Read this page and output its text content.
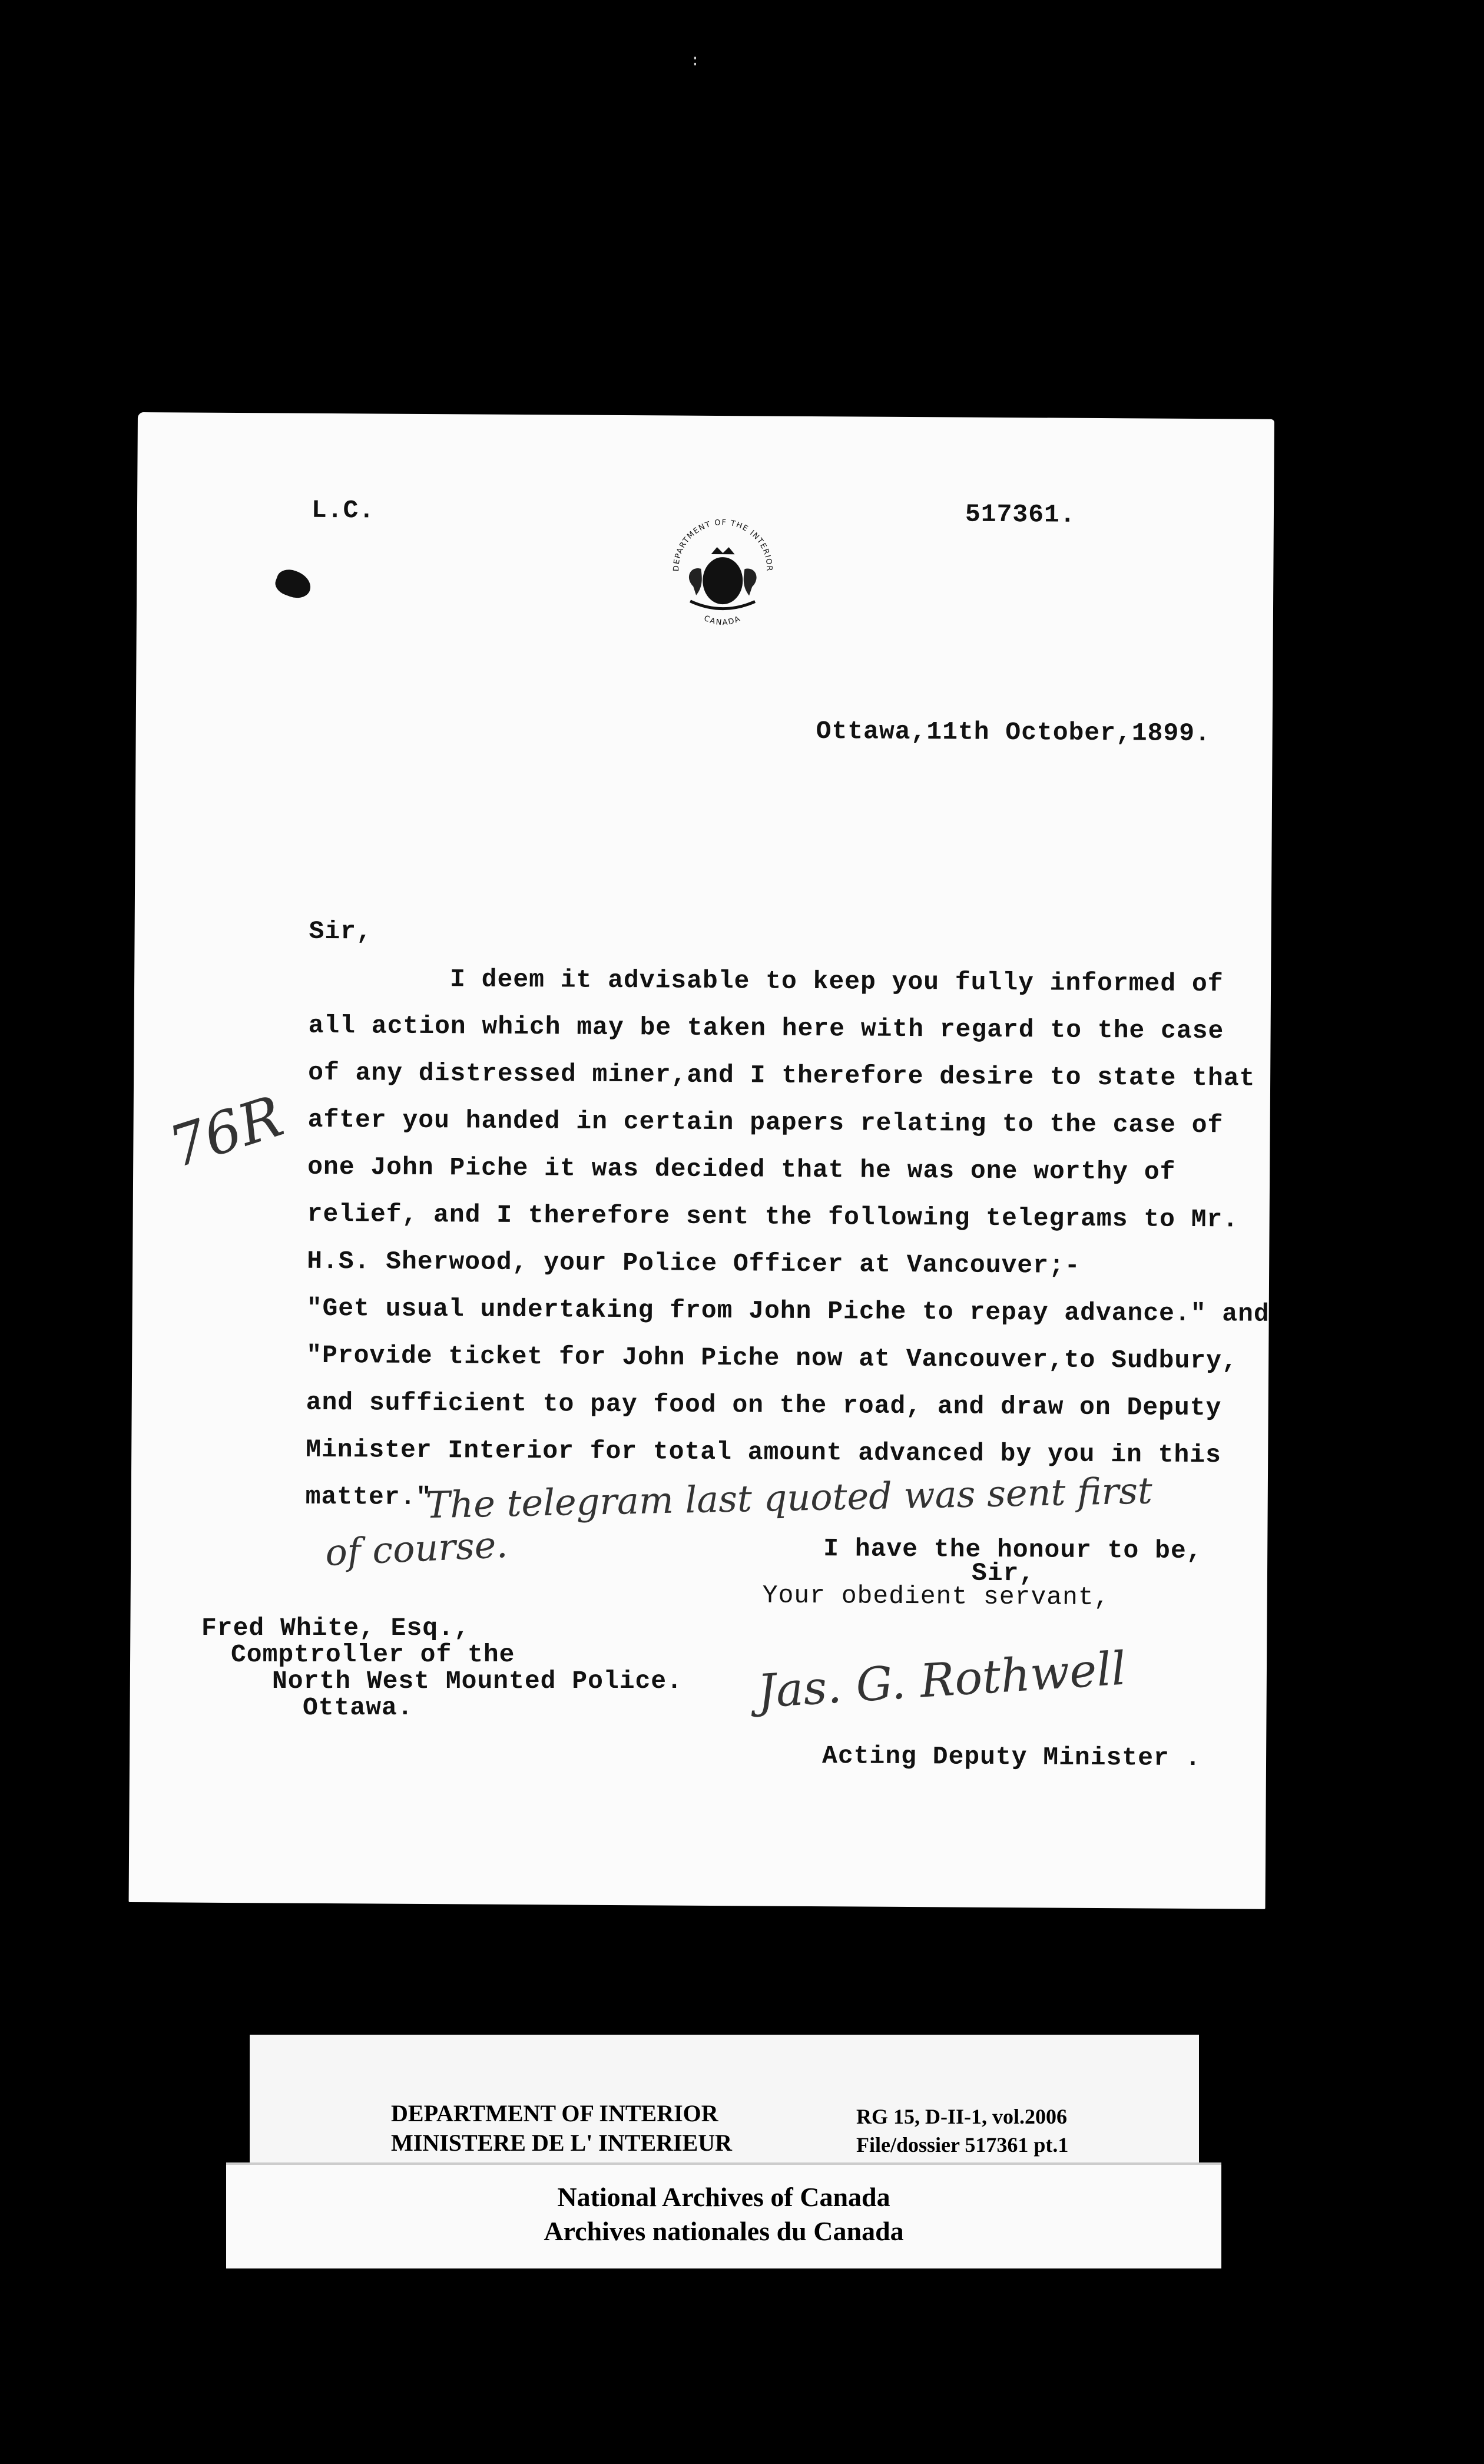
:
L.C.	517361.
DEPARTMENT OF THE INTERIOR
CANADA
Ottawa,11th October,1899.
Sir,
I deem it advisable to keep you fully informed of
all action which may be taken here with regard to the case
of any distressed miner,and I therefore desire to state that
after you handed in certain papers relating to the case of
one John Piche it was decided that he was one worthy of
relief, and I therefore sent the following telegrams to Mr.
H.S. Sherwood, your Police Officer at Vancouver;-
"Get usual undertaking from John Piche to repay advance." and
"Provide ticket for John Piche now at Vancouver,to Sudbury,
and sufficient to pay food on the road, and draw on Deputy
Minister Interior for total amount advanced by you in this
matter."
The telegram last quoted was sent first
of course.
76R
I have the honour to be,
Sir,
Your obedient servant,
Jas. G. Rothwell
Acting Deputy Minister .
Fred White, Esq.,
Comptroller of the
North West Mounted Police.
Ottawa.
DEPARTMENT OF INTERIOR
MINISTERE DE L' INTERIEUR
RG 15, D-II-1, vol.2006
File/dossier 517361 pt.1
National Archives of Canada
Archives nationales du Canada
